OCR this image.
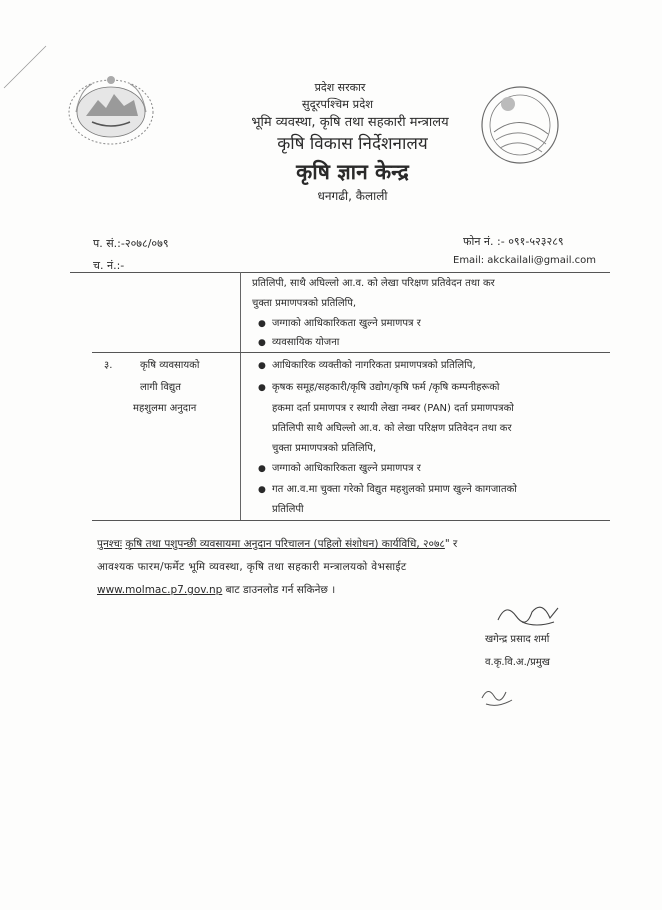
प्रदेश सरकार
सुदूरपश्चिम प्रदेश
भूमि व्यवस्था, कृषि तथा सहकारी मन्त्रालय
कृषि विकास निर्देशनालय
कृषि ज्ञान केन्द्र
धनगढी, कैलाली
प. सं.:-२०७८/०७९
च. नं.:-
फोन नं. :- ०९१-५२३२८९
Email: akckailali@gmail.com
प्रतिलिपी, साथै अघिल्लो आ.व. को लेखा परिक्षण प्रतिवेदन तथा कर
चुक्ता प्रमाणपत्रको प्रतिलिपि,
● जग्गाको आधिकारिकता खुल्ने प्रमाणपत्र र
● व्यवसायिक योजना
३.	कृषि व्यवसायको
लागी विद्युत
महशुलमा अनुदान
● आधिकारिक व्यक्तीको नागरिकता प्रमाणपत्रको प्रतिलिपि,
● कृषक समूह/सहकारी/कृषि उद्योग/कृषि फर्म /कृषि कम्पनीहरूको
हकमा दर्ता प्रमाणपत्र र स्थायी लेखा नम्बर (PAN) दर्ता प्रमाणपत्रको
प्रतिलिपी साथै अघिल्लो आ.व. को लेखा परिक्षण प्रतिवेदन तथा कर
चुक्ता प्रमाणपत्रको प्रतिलिपि,
● जग्गाको आधिकारिकता खुल्ने प्रमाणपत्र र
● गत आ.व.मा चुक्ता गरेको विद्युत महशुलको प्रमाण खुल्ने कागजातको
प्रतिलिपी
पुनश्चः कृषि तथा पशुपन्छी व्यवसायमा अनुदान परिचालन (पहिलो संशोधन) कार्यविधि, २०७८" र
आवश्यक फारम/फर्मेट भूमि व्यवस्था, कृषि तथा सहकारी मन्त्रालयको वेभसाईट
www.molmac.p7.gov.np बाट डाउनलोड गर्न सकिनेछ ।
खगेन्द्र प्रसाद शर्मा
व.कृ.वि.अ./प्रमुख
